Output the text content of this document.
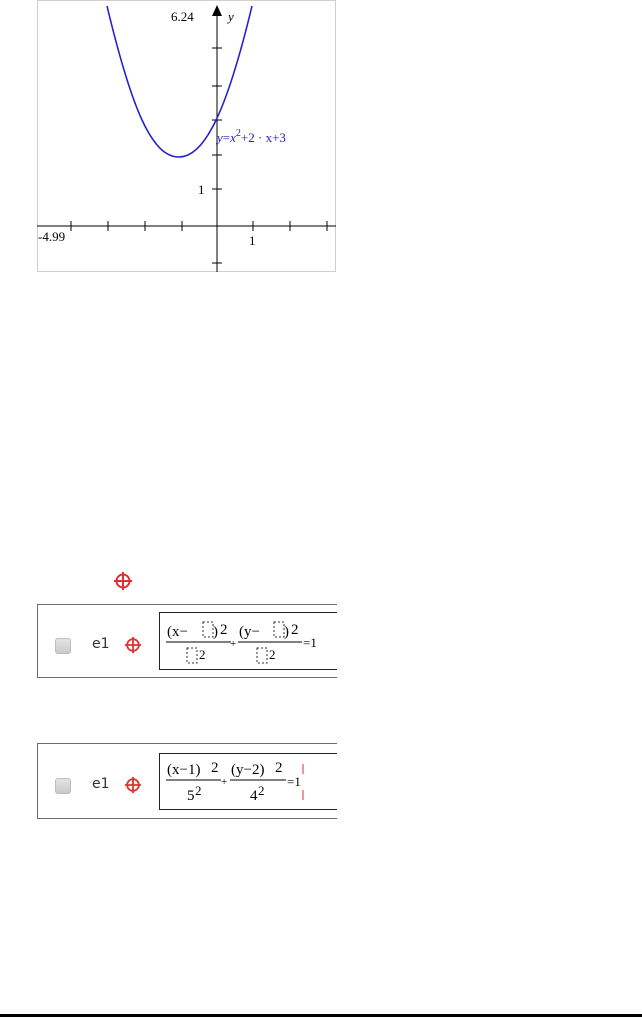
6.24	y
1
-4.99	1
$y=x^2+2 \cdot x+3$
e1
(x− ) 2
2
+
(y− ) 2
2
=1
e1
(x−1) 2
5 2
+
(y−2) 2
4 2
=1
